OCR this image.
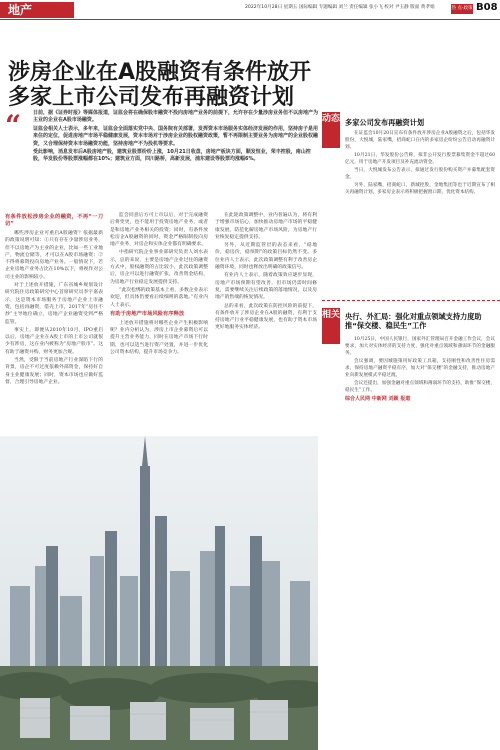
地产	2022年10月28日 星期五 国际编辑 专题编辑 刘兰 责任编辑 张小飞 校对 尹玉静 版面 黄孝娟	热 点·政策 B08
涉房企业在A股融资有条件放开
多家上市公司发布再融资计划
“ 日前，据《证券时报》等媒体报道，证监会将在确保股市融资不投向房地产业务的前提下，允许存在少量涉房业务但不以房地产为主业的企业在A股市场融资。

证监会相关人士表示，多年来，证监会全面落实党中央、国务院有关部署，发挥资本市场服务实体经济发展的作用，坚持房子是用来住的定位，促进房地产市场平稳健康发展，资本市场对于涉房企业的股权融资政策，暂不再限制主要业务为房地产的企业股权融资，又合理保持资本市场融资功能，坚持房地产不为投机等要求。

受此影响，消息发布后A股房地产股，建筑业股票纷纷上涨，10月21日收盘，房地产板块方面，顺发恒业，荣丰控股，南山控股，华发股份等股票涨幅都在10%；建筑业方面，四川路桥，高新发展，浦东建设等股票均涨幅6%。

有条件放松涉房企业的融资，不再“一刀切”

哪些涉房企业可重启A股融资？依据最新的政策说明可知：①只有存在少量涉房业务，但不以房地产为主业的企业，比如一些工业地产，物流仓储等，才可以在A股市场融资；②不得将募资投向房地产业务。一般情况下，若企业房地产业务占比在10%以下，将视作对公司主业的影响较小。

对于上述放开措施，广东省城乡规划设计研究院住房政策研究中心首席研究员李宇嘉表示，这是资本市场服务于房地产企业上市融资，包括再融资，借壳上市，2017年“房住不炒”主导地位确立，房地产企业融资受到严格监管。

事实上，即便从2010年10月，IPO重启以后，房地产企业在A股上市的上市公司就很少有涉房，这在业内被称为“房地产股市”。这有助于融资并购，财务更加合规。

当然，受限于当前房地产行业深陷下行的背景，房企不可过度依赖外部资金，保持好自身主业健康发展；同时，资本市场也应做好监督，合理引导房地产企业。

监会同意后方可上市以后，对于完成融资后将变更，也不能用于投资房地产业务，或者是和房地产业务相关的投资；同时，有条件放松房企A股融资的同时，资金严格限制投向房地产业务，对房企和实体企业都有明确要求。

中指研究院企业事业部研究负责人刘水表示，总的来说，主要是房地产企业过往的融资方式中，股权融资的占比较小，此次政策调整后，房企可以进行融资扩张，改善资金结构，为房地产行业稳定发展提供支持。

“此次松绑的政策基本上看，多数企业表示欢迎，但具体仍要看后续细则的落地。”有业内人士表示。

有助于房地产市场风险有序释放

上述放开措施将对哪些企业产生积极影响呢？业内分析认为，涉房上市企业募资后可以提升主营业务能力，同时在房地产市场下行时期，也可以适当进行资产处置，并进一步优化公司资本结构，提升市场竞争力。

在此轮政策调整中，业内普遍认为，将有利于增强市场信心，加快推动房地产市场的平稳健康发展，防范化解房地产市场风险，为房地产行业恢复稳定提供支持。

另外，从近期监管层的表态来看，“稳地价，稳房价，稳预期”的政策目标仍然不变。多位业内人士表示，此次政策调整有利于改善房企融资环境，同时也释放出明确的政策信号。

有业内人士表示，随着政策效应逐步显现，房地产市场预期有望改善，但市场仍需时间修复，需要继续关注后续政策的落地情况，以及房地产销售端的恢复情况。

总的来看，此次政策在防控风险的前提下，有条件放开了涉房企业在A股的融资，有利于支持房地产行业平稳健康发展，也有助于资本市场更好地服务实体经济。

动态 多家公司发布再融资计划

在证监会10月20日宣布有条件放开涉房企业A股融资之后，包括华发股份，大悦城，陆家嘴，招商蛇口在内的多家房企纷纷公告启动再融资计划。

10月21日，华发股份公告称，拟非公开发行股票募集资金不超过60亿元，用于房地产开发项目及补充流动资金。

当日，大悦城发布公告表示，拟通过发行股份购买资产并募集配套资金。

另外，陆家嘴，招商蛇口，新城控股，金地集团等也于近期宣布了相关再融资计划，多家房企表示将积极把握窗口期，优化资本结构。

相关 央行、外汇局：强化对重点领域支持力度助推“保交楼、稳民生”工作

10月25日，中国人民银行，国家外汇管理局召开金融工作会议，会议要求，加大对实体经济的支持力度，强化对重点领域和薄弱环节的金融服务。

会议强调，要因城施策用好政策工具箱，支持刚性和改善性住房需求，保持房地产融资平稳有序，加大对“保交楼”的金融支持，推动房地产业向新发展模式平稳过渡。

会议还提出，加强金融对重点领域和薄弱环节的支持，助推“保交楼，稳民生”工作。

综合人民网 中新网 刘颖 报道
